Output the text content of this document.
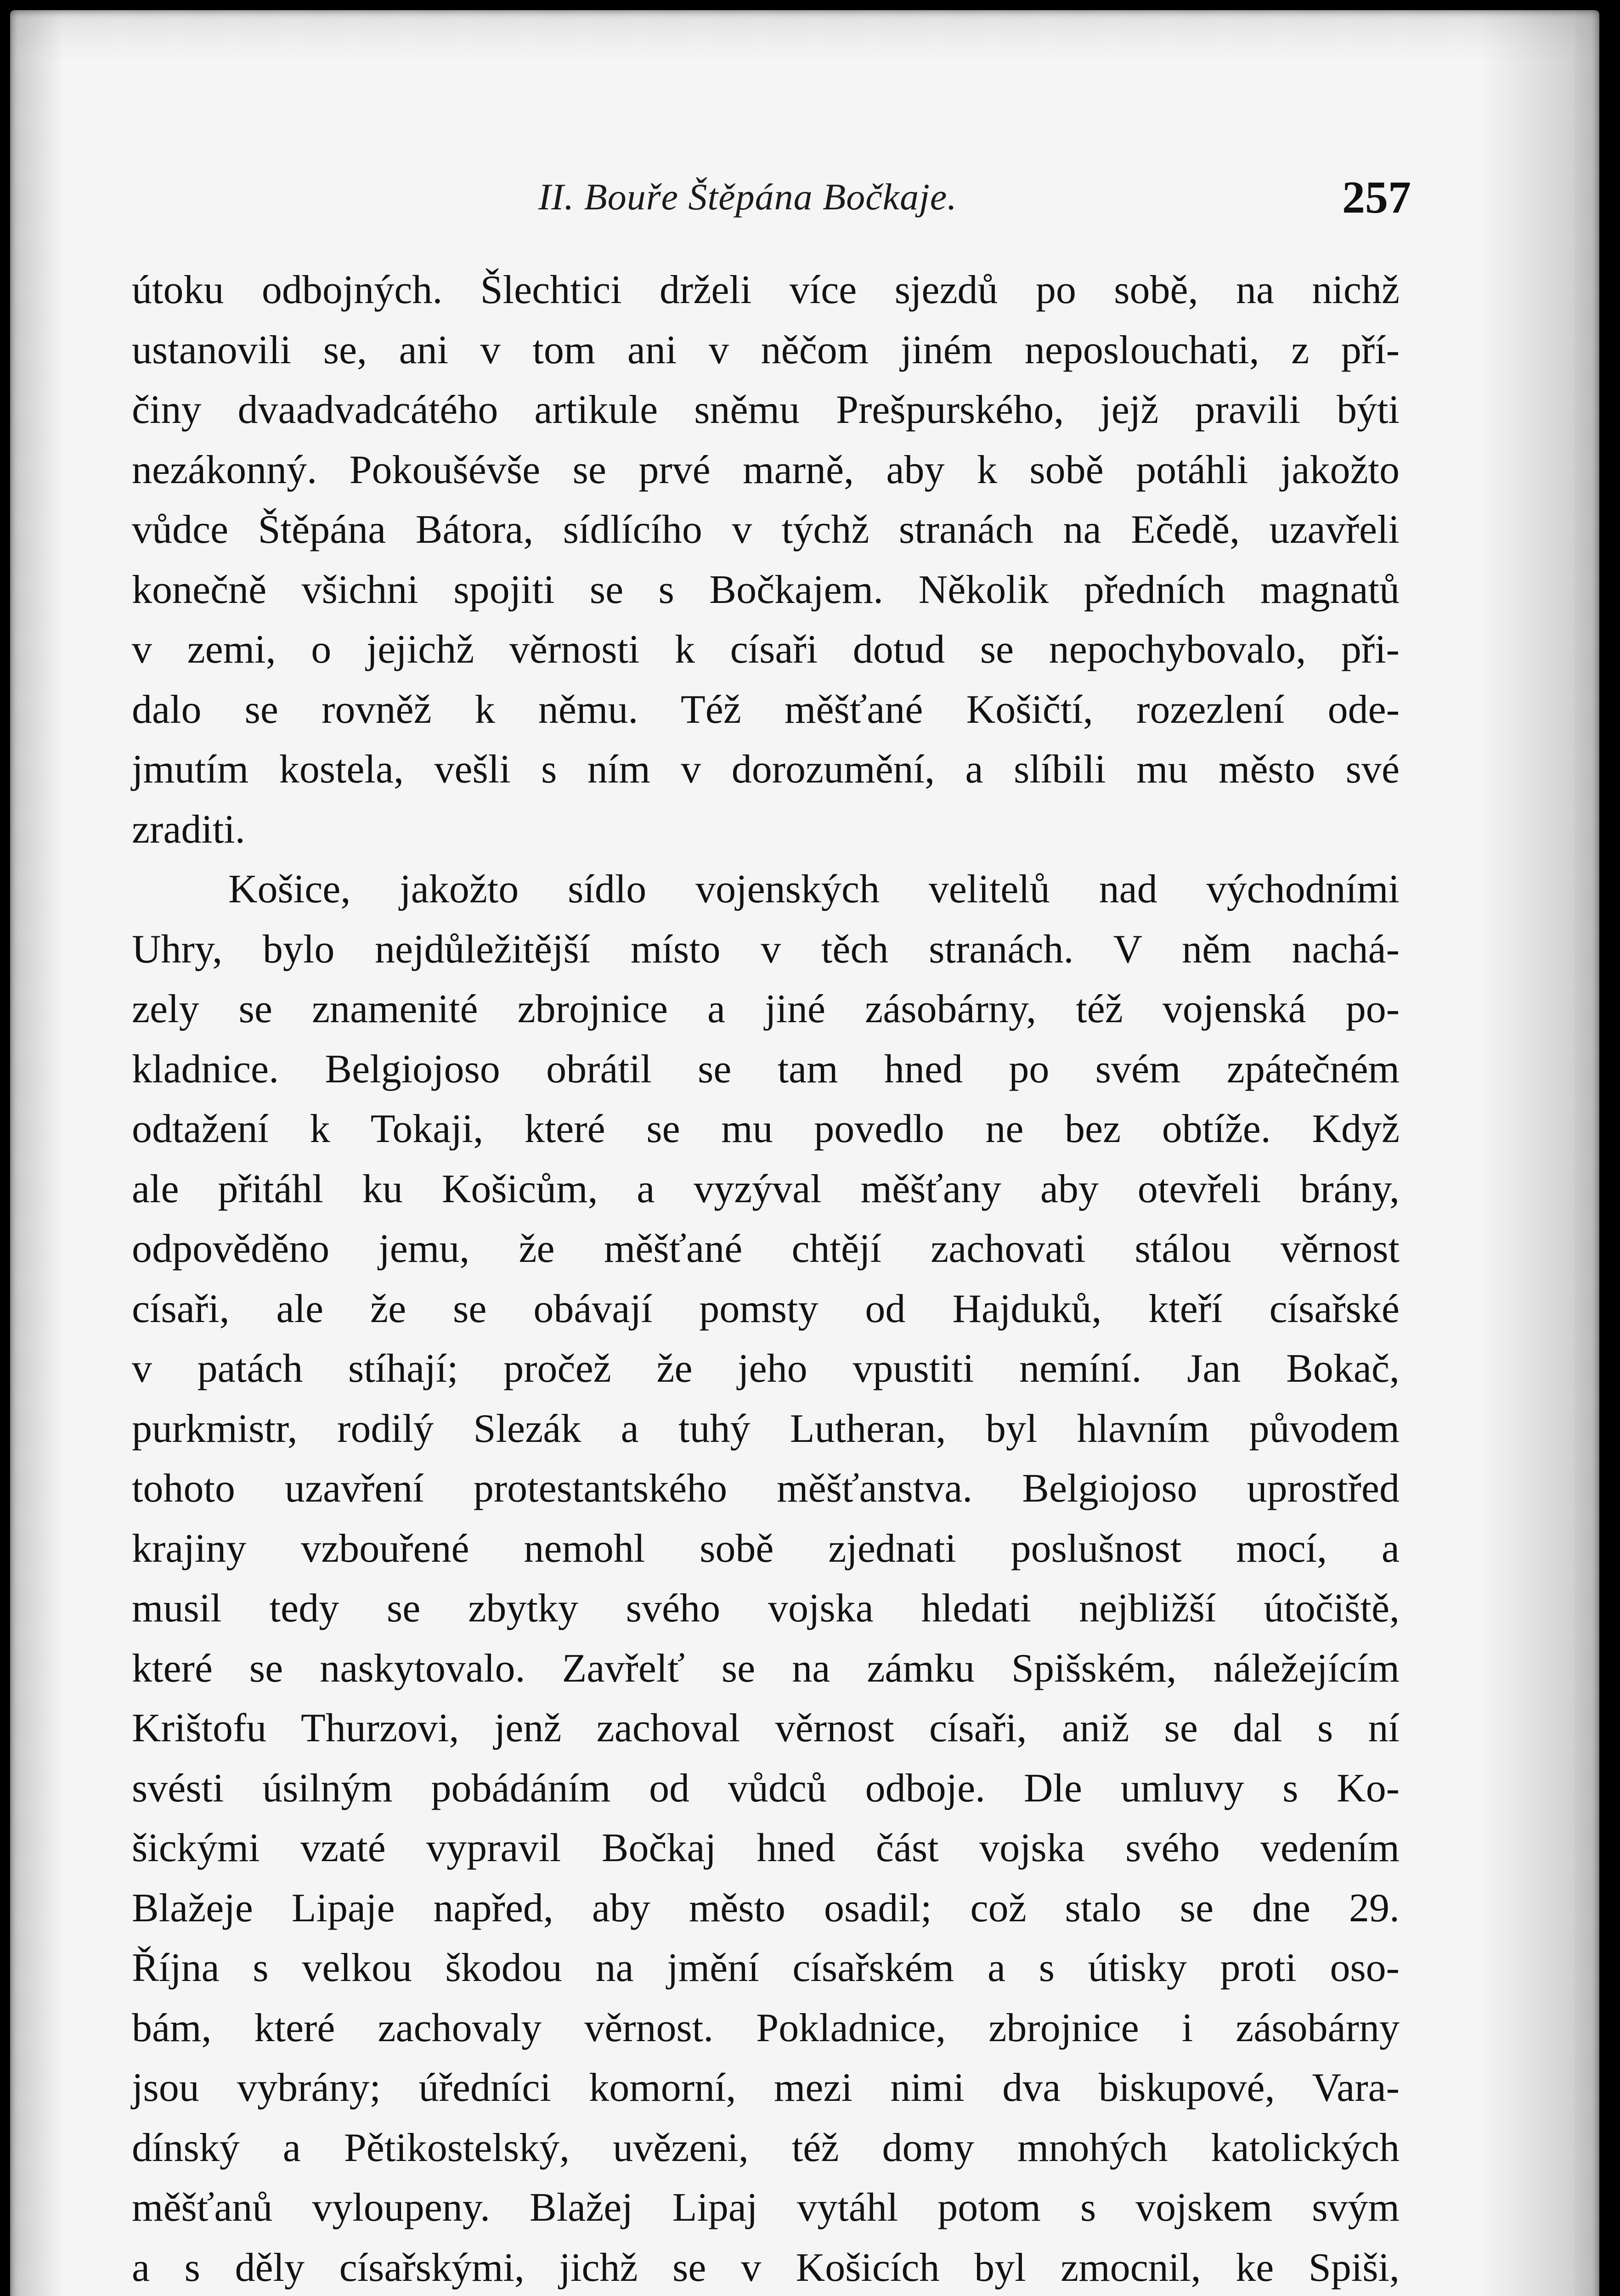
II. Bouře Štěpána Bočkaje.	257
útoku odbojných. Šlechtici drželi více sjezdů po sobě, na nichž
ustanovili se, ani v tom ani v něčom jiném neposlouchati, z pří-
činy dvaadvadcátého artikule sněmu Prešpurského, jejž pravili býti
nezákonný. Pokoušévše se prvé marně, aby k sobě potáhli jakožto
vůdce Štěpána Bátora, sídlícího v týchž stranách na Ečedě, uzavřeli
konečně všichni spojiti se s Bočkajem. Několik předních magnatů
v zemi, o jejichž věrnosti k císaři dotud se nepochybovalo, při-
dalo se rovněž k němu. Též měšťané Košičtí, rozezlení ode-
jmutím kostela, vešli s ním v dorozumění, a slíbili mu město své
zraditi.
Košice, jakožto sídlo vojenských velitelů nad východními
Uhry, bylo nejdůležitější místo v těch stranách. V něm nachá-
zely se znamenité zbrojnice a jiné zásobárny, též vojenská po-
kladnice. Belgiojoso obrátil se tam hned po svém zpátečném
odtažení k Tokaji, které se mu povedlo ne bez obtíže. Když
ale přitáhl ku Košicům, a vyzýval měšťany aby otevřeli brány,
odpověděno jemu, že měšťané chtějí zachovati stálou věrnost
císaři, ale že se obávají pomsty od Hajduků, kteří císařské
v patách stíhají; pročež že jeho vpustiti nemíní. Jan Bokač,
purkmistr, rodilý Slezák a tuhý Lutheran, byl hlavním původem
tohoto uzavření protestantského měšťanstva. Belgiojoso uprostřed
krajiny vzbouřené nemohl sobě zjednati poslušnost mocí, a
musil tedy se zbytky svého vojska hledati nejbližší útočiště,
které se naskytovalo. Zavřelť se na zámku Spišském, náležejícím
Krištofu Thurzovi, jenž zachoval věrnost císaři, aniž se dal s ní
svésti úsilným pobádáním od vůdců odboje. Dle umluvy s Ko-
šickými vzaté vypravil Bočkaj hned část vojska svého vedením
Blažeje Lipaje napřed, aby město osadil; což stalo se dne 29.
Října s velkou škodou na jmění císařském a s útisky proti oso-
bám, které zachovaly věrnost. Pokladnice, zbrojnice i zásobárny
jsou vybrány; úředníci komorní, mezi nimi dva biskupové, Vara-
dínský a Pětikostelský, uvězeni, též domy mnohých katolických
měšťanů vyloupeny. Blažej Lipaj vytáhl potom s vojskem svým
a s děly císařskými, jichž se v Košicích byl zmocnil, ke Spiši,
